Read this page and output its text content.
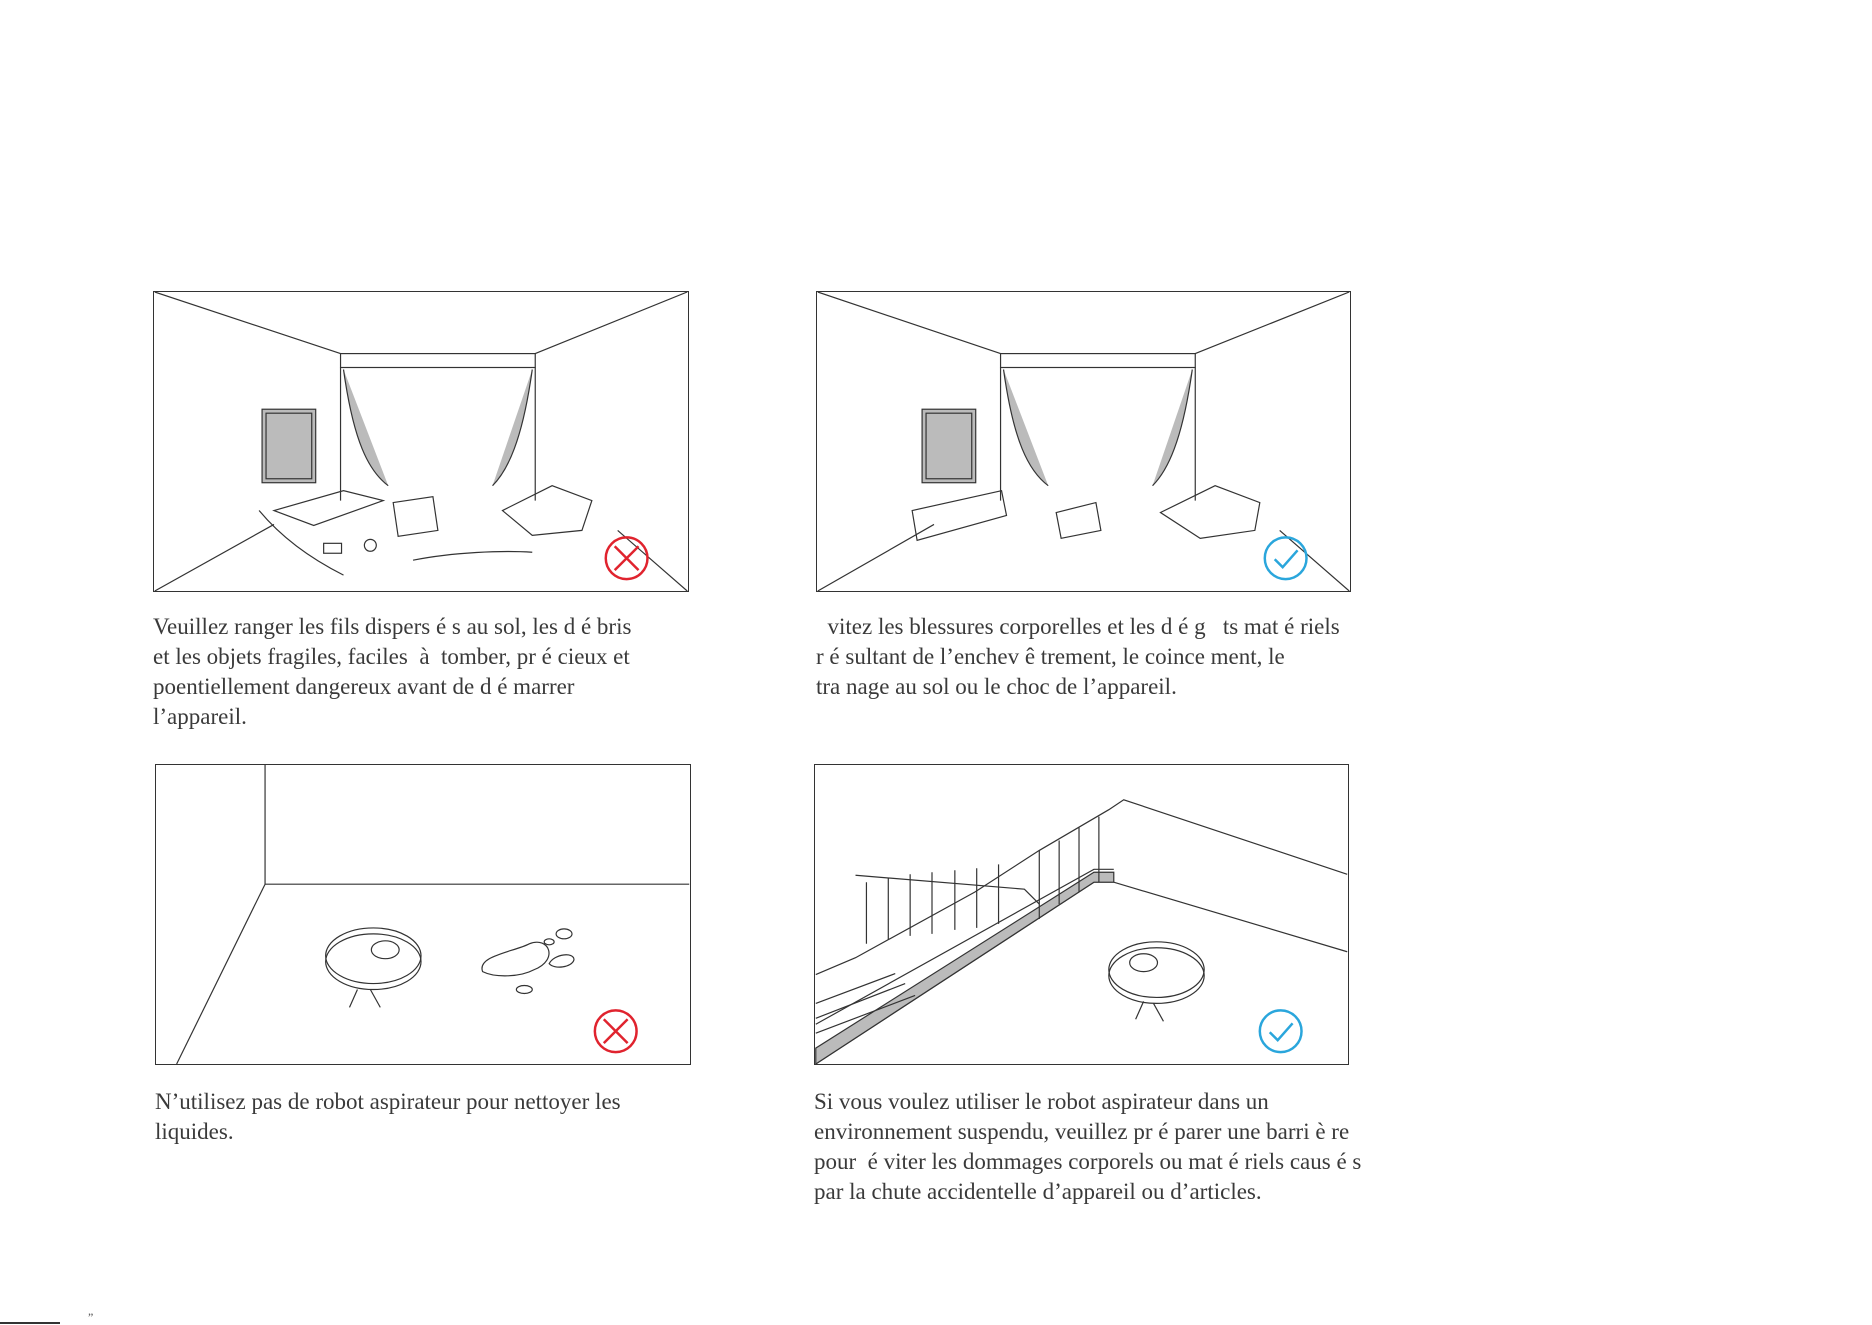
Veuillez ranger les fils dispers é s au sol, les d é bris
et les objets fragiles, faciles  à  tomber, pr é cieux et
poentiellement dangereux avant de d é marrer
l’appareil.

vitez les blessures corporelles et les d é g   ts mat é riels
r é sultant de l’enchev ê trement, le coince ment, le
tra nage au sol ou le choc de l’appareil.

N’utilisez pas de robot aspirateur pour nettoyer les
liquides.

Si vous voulez utiliser le robot aspirateur dans un
environnement suspendu, veuillez pr é parer une barri è re
pour  é viter les dommages corporels ou mat é riels caus é s
par la chute accidentelle d’appareil ou d’articles.

”
